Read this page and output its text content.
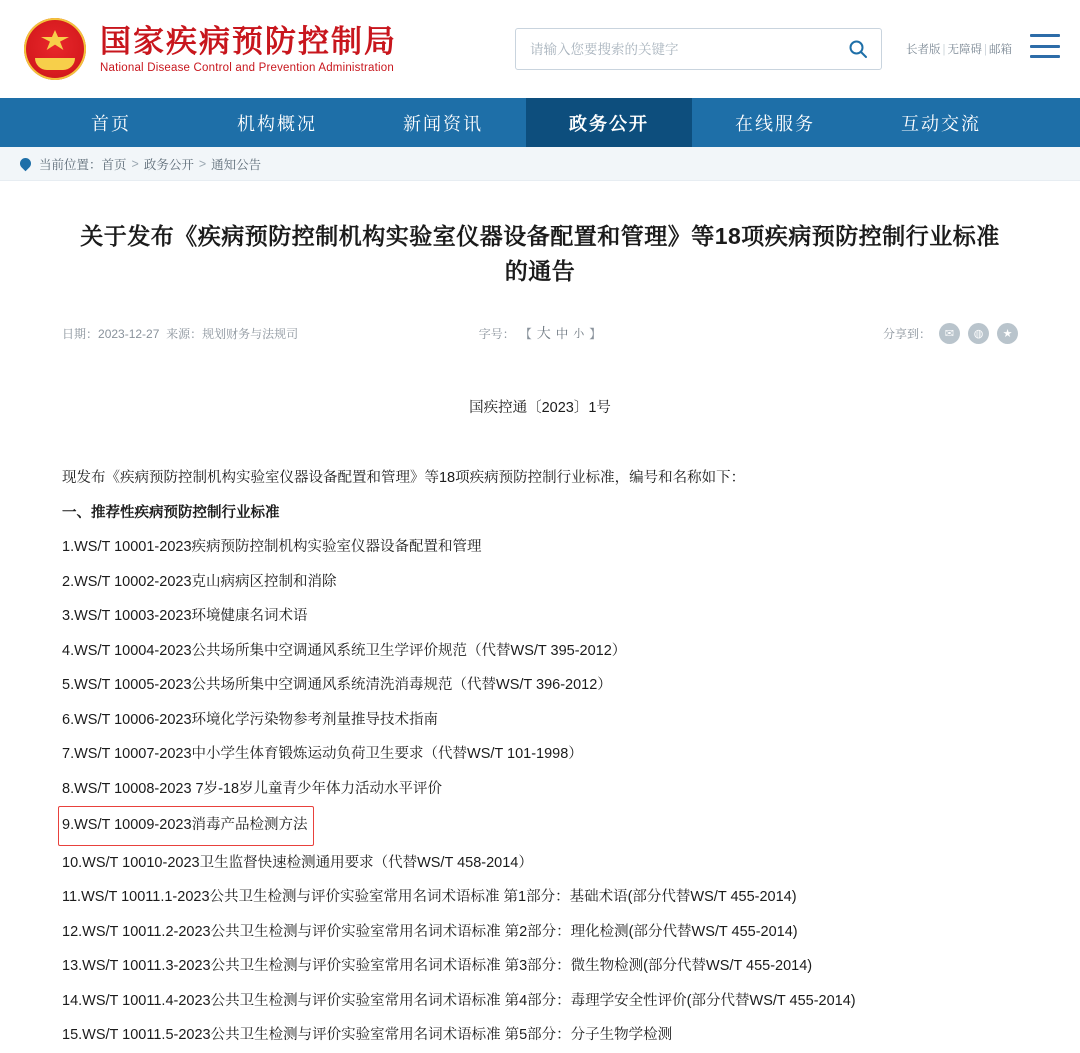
国家疾病预防控制局
National Disease Control and Prevention Administration
请输入您要搜索的关键字
长者版 | 无障碍 | 邮箱
首页	机构概况	新闻资讯	政务公开	在线服务	互动交流
当前位置： 首页 > 政务公开 > 通知公告
关于发布《疾病预防控制机构实验室仪器设备配置和管理》等18项疾病预防控制行业标准的通告
日期：2023-12-27 来源：规划财务与法规司	字号： 【 大 中 小 】	分享到：	✉	◍	★
国疾控通〔2023〕1号

现发布《疾病预防控制机构实验室仪器设备配置和管理》等18项疾病预防控制行业标准，编号和名称如下：

一、推荐性疾病预防控制行业标准

1.WS/T 10001-2023疾病预防控制机构实验室仪器设备配置和管理

2.WS/T 10002-2023克山病病区控制和消除

3.WS/T 10003-2023环境健康名词术语

4.WS/T 10004-2023公共场所集中空调通风系统卫生学评价规范（代替WS/T 395-2012）

5.WS/T 10005-2023公共场所集中空调通风系统清洗消毒规范（代替WS/T 396-2012）

6.WS/T 10006-2023环境化学污染物参考剂量推导技术指南

7.WS/T 10007-2023中小学生体育锻炼运动负荷卫生要求（代替WS/T 101-1998）

8.WS/T 10008-2023 7岁-18岁儿童青少年体力活动水平评价

9.WS/T 10009-2023消毒产品检测方法

10.WS/T 10010-2023卫生监督快速检测通用要求（代替WS/T 458-2014）

11.WS/T 10011.1-2023公共卫生检测与评价实验室常用名词术语标准 第1部分：基础术语(部分代替WS/T 455-2014)

12.WS/T 10011.2-2023公共卫生检测与评价实验室常用名词术语标准 第2部分：理化检测(部分代替WS/T 455-2014)

13.WS/T 10011.3-2023公共卫生检测与评价实验室常用名词术语标准 第3部分：微生物检测(部分代替WS/T 455-2014)

14.WS/T 10011.4-2023公共卫生检测与评价实验室常用名词术语标准 第4部分：毒理学安全性评价(部分代替WS/T 455-2014)

15.WS/T 10011.5-2023公共卫生检测与评价实验室常用名词术语标准 第5部分：分子生物学检测
